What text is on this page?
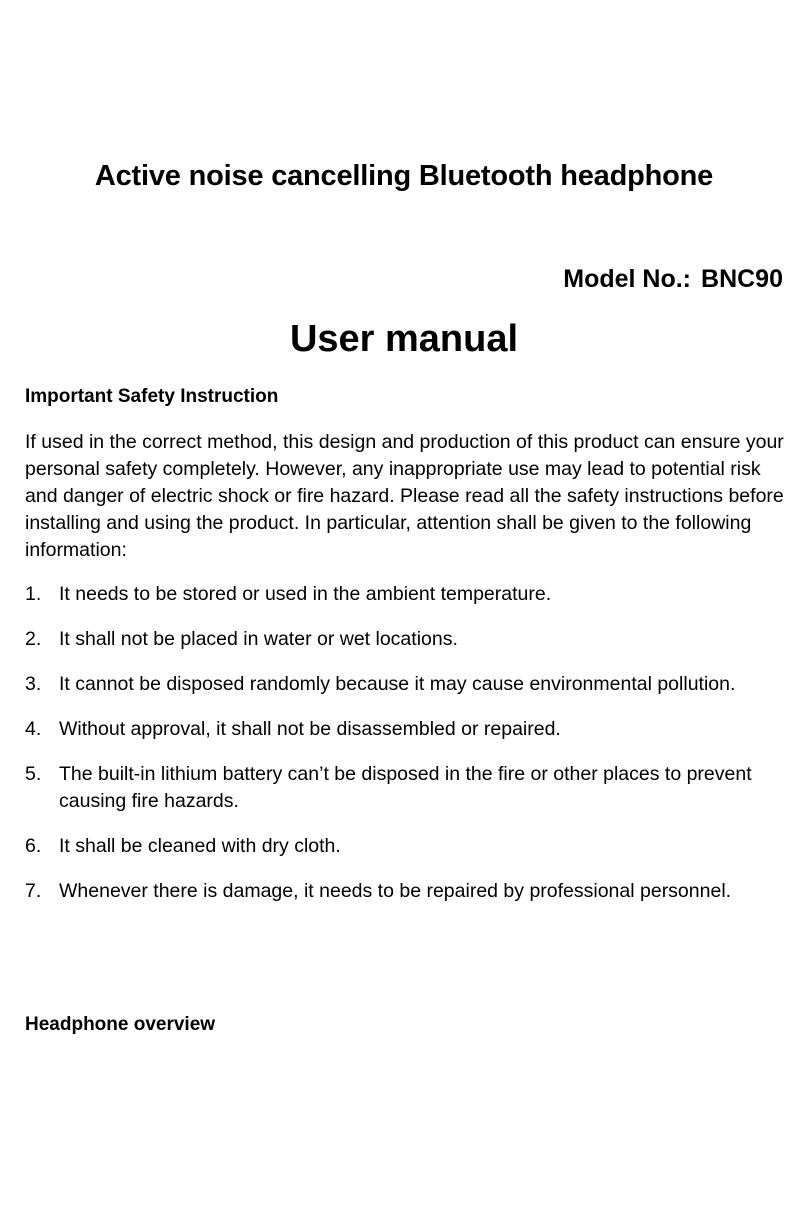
Active noise cancelling Bluetooth headphone

Model No.: BNC90

User manual
Important Safety Instruction

If used in the correct method, this design and production of this product can ensure your personal safety completely. However, any inappropriate use may lead to potential risk and danger of electric shock or fire hazard. Please read all the safety instructions before installing and using the product. In particular, attention shall be given to the following information:

1. It needs to be stored or used in the ambient temperature.
2. It shall not be placed in water or wet locations.
3. It cannot be disposed randomly because it may cause environmental pollution.
4. Without approval, it shall not be disassembled or repaired.
5. The built-in lithium battery can’t be disposed in the fire or other places to prevent causing fire hazards.
6. It shall be cleaned with dry cloth.
7. Whenever there is damage, it needs to be repaired by professional personnel.
Headphone overview
